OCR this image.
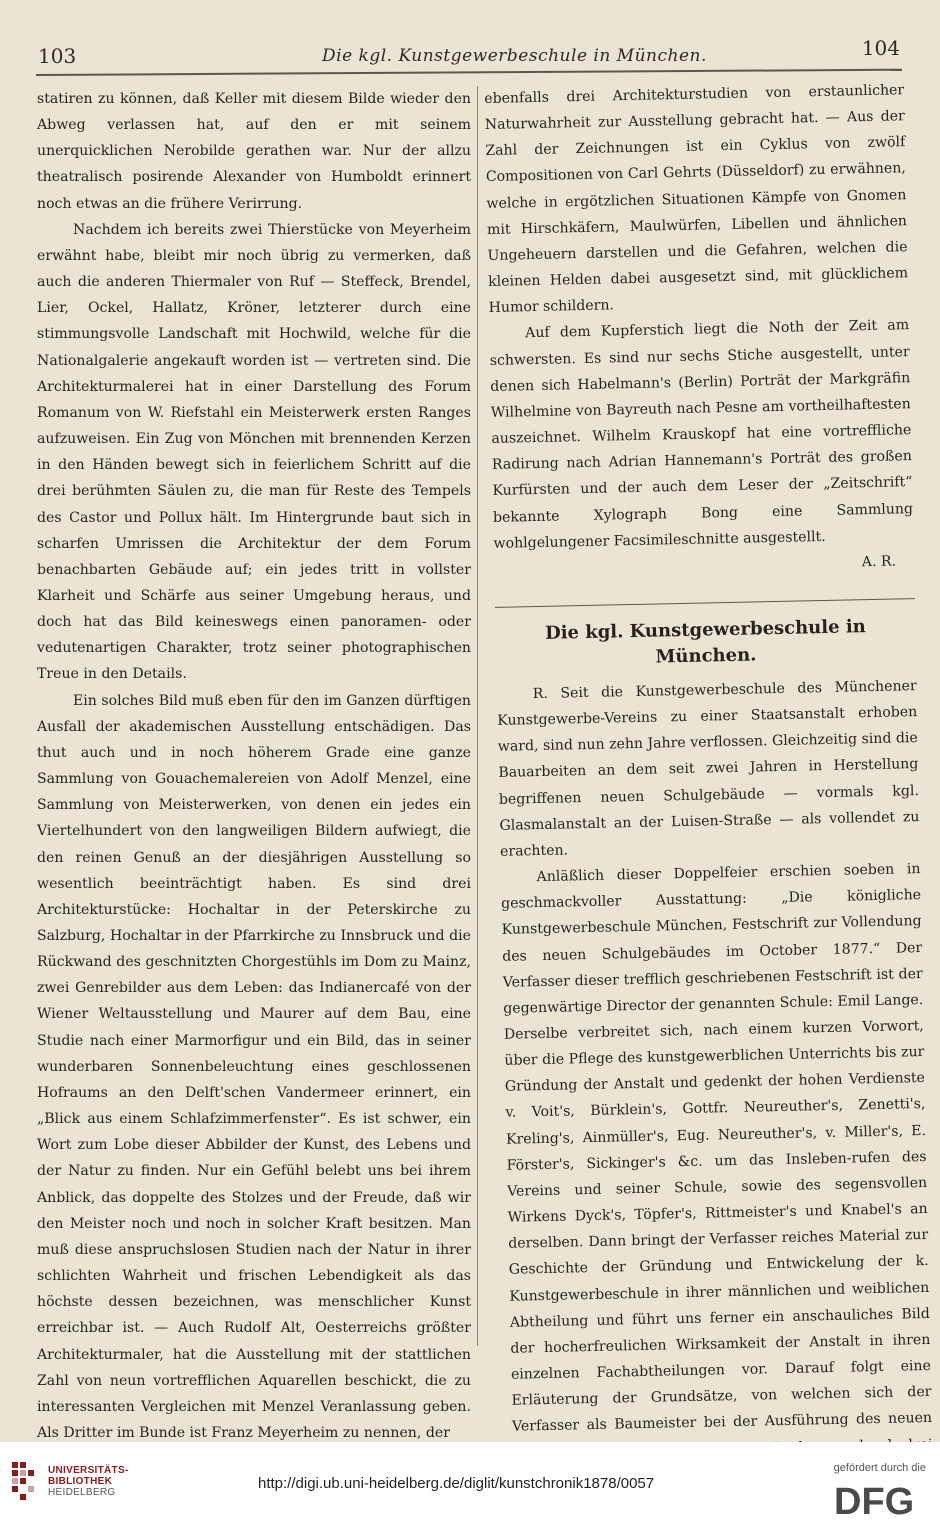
103	Die kgl. Kunstgewerbeschule in München.	104

statiren zu können, daß Keller mit diesem Bilde wieder den Abweg verlassen hat, auf den er mit seinem unerquicklichen Nerobilde gerathen war. Nur der allzu theatralisch posirende Alexander von Humboldt erinnert noch etwas an die frühere Verirrung.

Nachdem ich bereits zwei Thierstücke von Meyerheim erwähnt habe, bleibt mir noch übrig zu vermerken, daß auch die anderen Thiermaler von Ruf — Steffeck, Brendel, Lier, Ockel, Hallatz, Kröner, letzterer durch eine stimmungsvolle Landschaft mit Hochwild, welche für die Nationalgalerie angekauft worden ist — vertreten sind. Die Architekturmalerei hat in einer Darstellung des Forum Romanum von W. Riefstahl ein Meisterwerk ersten Ranges aufzuweisen. Ein Zug von Mönchen mit brennenden Kerzen in den Händen bewegt sich in feierlichem Schritt auf die drei berühmten Säulen zu, die man für Reste des Tempels des Castor und Pollux hält. Im Hintergrunde baut sich in scharfen Umrissen die Architektur der dem Forum benachbarten Gebäude auf; ein jedes tritt in vollster Klarheit und Schärfe aus seiner Umgebung heraus, und doch hat das Bild keineswegs einen panoramen- oder vedutenartigen Charakter, trotz seiner photographischen Treue in den Details.

Ein solches Bild muß eben für den im Ganzen dürftigen Ausfall der akademischen Ausstellung entschädigen. Das thut auch und in noch höherem Grade eine ganze Sammlung von Gouachemalereien von Adolf Menzel, eine Sammlung von Meisterwerken, von denen ein jedes ein Viertelhundert von den langweiligen Bildern aufwiegt, die den reinen Genuß an der diesjährigen Ausstellung so wesentlich beeinträchtigt haben. Es sind drei Architekturstücke: Hochaltar in der Peterskirche zu Salzburg, Hochaltar in der Pfarrkirche zu Innsbruck und die Rückwand des geschnitzten Chorgestühls im Dom zu Mainz, zwei Genrebilder aus dem Leben: das Indianercafé von der Wiener Weltausstellung und Maurer auf dem Bau, eine Studie nach einer Marmorfigur und ein Bild, das in seiner wunderbaren Sonnenbeleuchtung eines geschlossenen Hofraums an den Delft'schen Vandermeer erinnert, ein „Blick aus einem Schlafzimmerfenster“. Es ist schwer, ein Wort zum Lobe dieser Abbilder der Kunst, des Lebens und der Natur zu finden. Nur ein Gefühl belebt uns bei ihrem Anblick, das doppelte des Stolzes und der Freude, daß wir den Meister noch und noch in solcher Kraft besitzen. Man muß diese anspruchslosen Studien nach der Natur in ihrer schlichten Wahrheit und frischen Lebendigkeit als das höchste dessen bezeichnen, was menschlicher Kunst erreichbar ist. — Auch Rudolf Alt, Oesterreichs größter Architekturmaler, hat die Ausstellung mit der stattlichen Zahl von neun vortrefflichen Aquarellen beschickt, die zu interessanten Vergleichen mit Menzel Veranlassung geben. Als Dritter im Bunde ist Franz Meyerheim zu nennen, der

ebenfalls drei Architekturstudien von erstaunlicher Naturwahrheit zur Ausstellung gebracht hat. — Aus der Zahl der Zeichnungen ist ein Cyklus von zwölf Compositionen von Carl Gehrts (Düsseldorf) zu erwähnen, welche in ergötzlichen Situationen Kämpfe von Gnomen mit Hirschkäfern, Maulwürfen, Libellen und ähnlichen Ungeheuern darstellen und die Gefahren, welchen die kleinen Helden dabei ausgesetzt sind, mit glücklichem Humor schildern.

Auf dem Kupferstich liegt die Noth der Zeit am schwersten. Es sind nur sechs Stiche ausgestellt, unter denen sich Habelmann's (Berlin) Porträt der Markgräfin Wilhelmine von Bayreuth nach Pesne am vortheilhaftesten auszeichnet. Wilhelm Krauskopf hat eine vortreffliche Radirung nach Adrian Hannemann's Porträt des großen Kurfürsten und der auch dem Leser der „Zeitschrift“ bekannte Xylograph Bong eine Sammlung wohlgelungener Facsimileschnitte ausgestellt.

A. R.

Die kgl. Kunstgewerbeschule in München.

R. Seit die Kunstgewerbeschule des Münchener Kunstgewerbe-Vereins zu einer Staatsanstalt erhoben ward, sind nun zehn Jahre verflossen. Gleichzeitig sind die Bauarbeiten an dem seit zwei Jahren in Herstellung begriffenen neuen Schulgebäude — vormals kgl. Glasmalanstalt an der Luisen-Straße — als vollendet zu erachten.

Anläßlich dieser Doppelfeier erschien soeben in geschmackvoller Ausstattung: „Die königliche Kunstgewerbeschule München, Festschrift zur Vollendung des neuen Schulgebäudes im October 1877.“ Der Verfasser dieser trefflich geschriebenen Festschrift ist der gegenwärtige Director der genannten Schule: Emil Lange. Derselbe verbreitet sich, nach einem kurzen Vorwort, über die Pflege des kunstgewerblichen Unterrichts bis zur Gründung der Anstalt und gedenkt der hohen Verdienste v. Voit's, Bürklein's, Gottfr. Neureuther's, Zenetti's, Kreling's, Ainmüller's, Eug. Neureuther's, v. Miller's, E. Förster's, Sickinger's &c. um das Insleben-rufen des Vereins und seiner Schule, sowie des segensvollen Wirkens Dyck's, Töpfer's, Rittmeister's und Knabel's an derselben. Dann bringt der Verfasser reiches Material zur Geschichte der Gründung und Entwickelung der k. Kunstgewerbeschule in ihrer männlichen und weiblichen Abtheilung und führt uns ferner ein anschauliches Bild der hocherfreulichen Wirksamkeit der Anstalt in ihren einzelnen Fachabtheilungen vor. Darauf folgt eine Erläuterung der Grundsätze, von welchen sich der Verfasser als Baumeister bei der Ausführung des neuen

UNIVERSITÄTS-
BIBLIOTHEK
HEIDELBERG
http://digi.ub.uni-heidelberg.de/diglit/kunstchronik1878/0057
gefördert durch die
DFG
